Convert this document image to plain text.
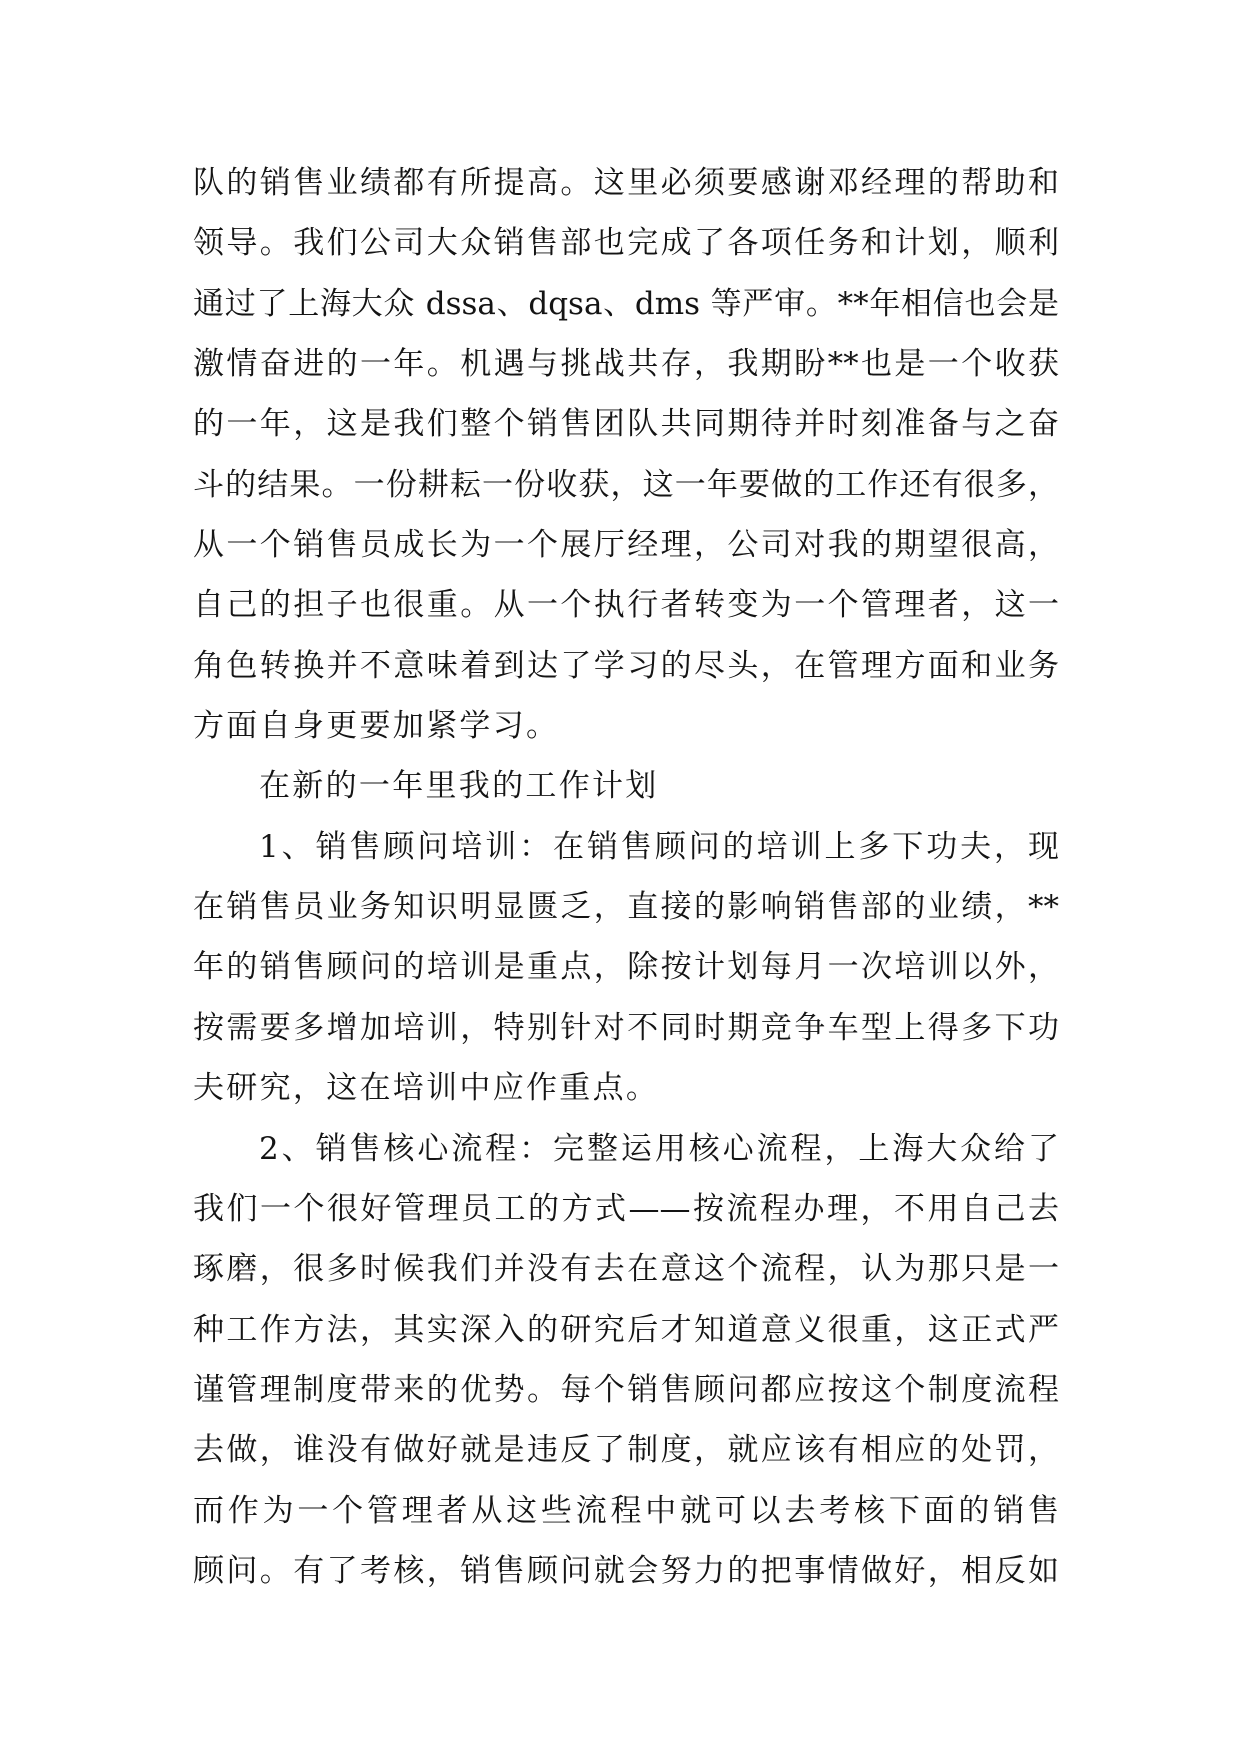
队的销售业绩都有所提高。这里必须要感谢邓经理的帮助和
领导。我们公司大众销售部也完成了各项任务和计划，顺利
通过了上海大众 dssa、dqsa、dms 等严审。**年相信也会是
激情奋进的一年。机遇与挑战共存，我期盼**也是一个收获
的一年，这是我们整个销售团队共同期待并时刻准备与之奋
斗的结果。一份耕耘一份收获，这一年要做的工作还有很多，
从一个销售员成长为一个展厅经理，公司对我的期望很高，
自己的担子也很重。从一个执行者转变为一个管理者，这一
角色转换并不意味着到达了学习的尽头，在管理方面和业务
方面自身更要加紧学习。
在新的一年里我的工作计划
1、销售顾问培训：在销售顾问的培训上多下功夫，现
在销售员业务知识明显匮乏，直接的影响销售部的业绩，**
年的销售顾问的培训是重点，除按计划每月一次培训以外，
按需要多增加培训，特别针对不同时期竞争车型上得多下功
夫研究，这在培训中应作重点。
2、销售核心流程：完整运用核心流程，上海大众给了
我们一个很好管理员工的方式——按流程办理，不用自己去
琢磨，很多时候我们并没有去在意这个流程，认为那只是一
种工作方法，其实深入的研究后才知道意义很重，这正式严
谨管理制度带来的优势。每个销售顾问都应按这个制度流程
去做，谁没有做好就是违反了制度，就应该有相应的处罚，
而作为一个管理者从这些流程中就可以去考核下面的销售
顾问。有了考核，销售顾问就会努力的把事情做好，相反如
